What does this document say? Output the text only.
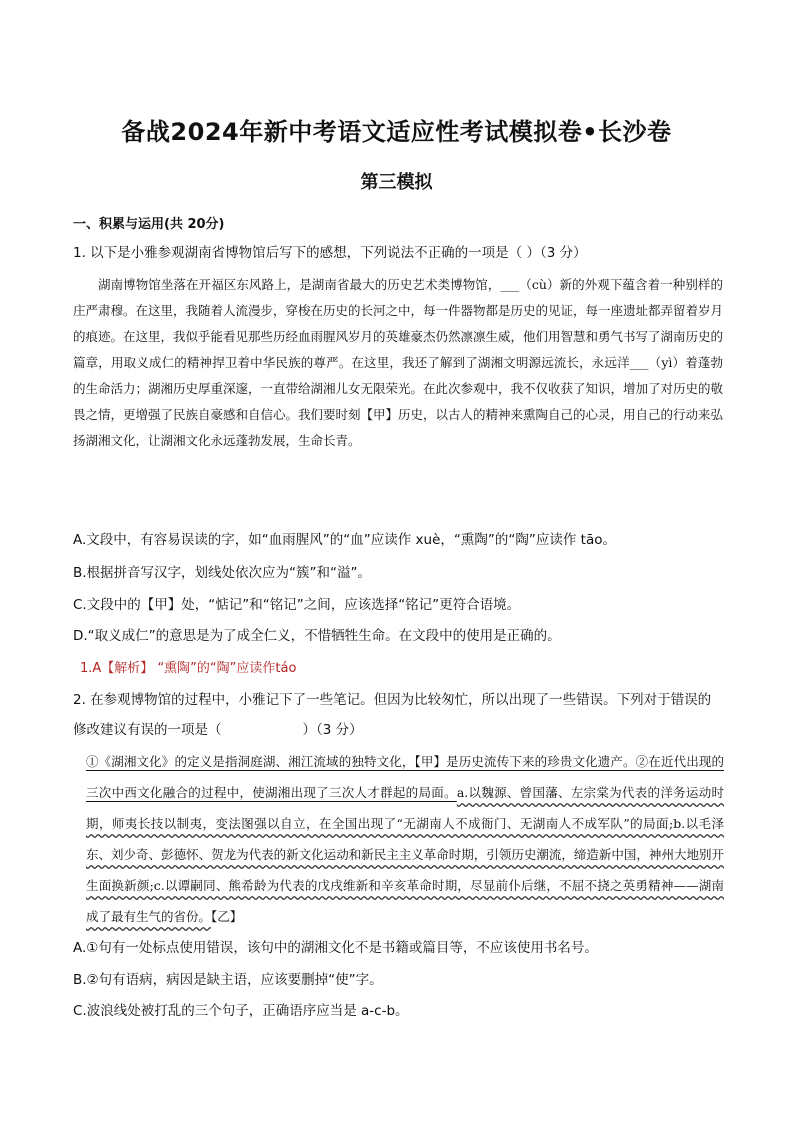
备战2024年新中考语文适应性考试模拟卷•长沙卷
第三模拟
一、积累与运用(共 20分)
1. 以下是小雅参观湖南省博物馆后写下的感想，下列说法不正确的一项是（ ）（3 分）

湖南博物馆坐落在开福区东风路上，是湖南省最大的历史艺术类博物馆，___（cù）新的外观下蕴含着一种别样的庄严肃穆。在这里，我随着人流漫步，穿梭在历史的长河之中，每一件器物都是历史的见证，每一座遗址都弄留着岁月的痕迹。在这里，我似乎能看见那些历经血雨腥风岁月的英雄豪杰仍然凛凛生威，他们用智慧和勇气书写了湖南历史的篇章，用取义成仁的精神捍卫着中华民族的尊严。在这里，我还了解到了湖湘文明源远流长，永远洋___（yì）着蓬勃的生命活力；湖湘历史厚重深邃，一直带给湖湘儿女无限荣光。在此次参观中，我不仅收获了知识，增加了对历史的敬畏之情，更增强了民族自豪感和自信心。我们要时刻【甲】历史，以古人的精神来熏陶自己的心灵，用自己的行动来弘扬湖湘文化，让湖湘文化永远蓬勃发展，生命长青。

A.文段中，有容易误读的字，如“血雨腥风”的“血”应读作 xuè，“熏陶”的“陶”应读作 tāo。
B.根据拼音写汉字，划线处依次应为“簇”和“溢”。
C.文段中的【甲】处，“惦记”和“铭记”之间，应该选择“铭记”更符合语境。
D.“取义成仁”的意思是为了成全仁义，不惜牺牲生命。在文段中的使用是正确的。
1.A【解析】 “熏陶”的“陶”应读作táo
2. 在参观博物馆的过程中，小雅记下了一些笔记。但因为比较匆忙，所以出现了一些错误。下列对于错误的修改建议有误的一项是（　　　　　　）（3 分）
①《湖湘文化》的定义是指洞庭湖、湘江流域的独特文化，【甲】是历史流传下来的珍贵文化遗产。②在近代出现的三次中西文化融合的过程中，使湖湘出现了三次人才群起的局面。a.以魏源、曾国藩、左宗棠为代表的洋务运动时期，师夷长技以制夷，变法图强以自立，在全国出现了“无湖南人不成衙门、无湖南人不成军队”的局面;b.以毛泽东、刘少奇、彭德怀、贺龙为代表的新文化运动和新民主主义革命时期，引领历史潮流，缔造新中国，神州大地别开生面换新颜;c.以谭嗣同、熊希龄为代表的戊戌维新和辛亥革命时期，尽显前仆后继，不屈不挠之英勇精神——湖南成了最有生气的省份。【乙】
A.①句有一处标点使用错误，该句中的湖湘文化不是书籍或篇目等，不应该使用书名号。
B.②句有语病，病因是缺主语，应该要删掉“使”字。
C.波浪线处被打乱的三个句子，正确语序应当是 a-c-b。
